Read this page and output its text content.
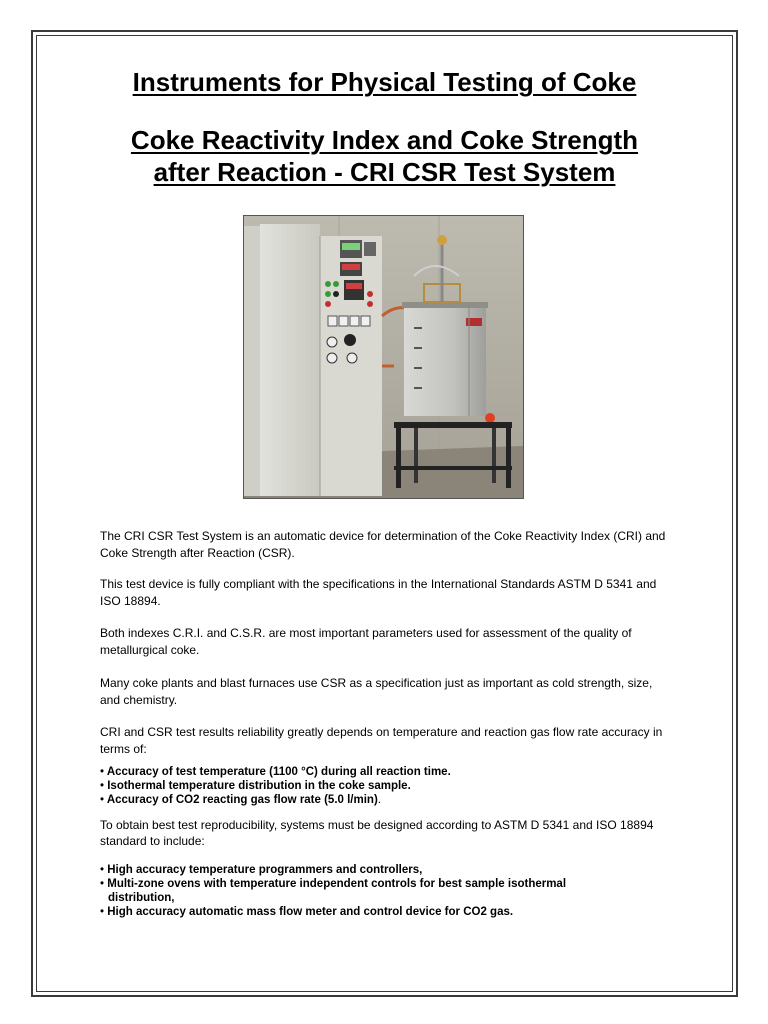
Instruments for Physical Testing of Coke
Coke Reactivity Index and Coke Strength
after Reaction - CRI CSR Test System

The CRI CSR Test System is an automatic device for determination of the Coke Reactivity Index (CRI) and Coke Strength after Reaction (CSR).

This test device is fully compliant with the specifications in the International Standards ASTM D 5341 and ISO 18894.

Both indexes C.R.I. and C.S.R. are most important parameters used for assessment of the quality of metallurgical coke.

Many coke plants and blast furnaces use CSR as a specification just as important as cold strength, size, and chemistry.

CRI and CSR test results reliability greatly depends on temperature and reaction gas flow rate accuracy in terms of:

• Accuracy of test temperature (1100 °C) during all reaction time.
• Isothermal temperature distribution in the coke sample.
• Accuracy of CO2 reacting gas flow rate (5.0 l/min).

To obtain best test reproducibility, systems must be designed according to ASTM D 5341 and ISO 18894 standard to include:

• High accuracy temperature programmers and controllers,
• Multi-zone ovens with temperature independent controls for best sample isothermal
distribution,
• High accuracy automatic mass flow meter and control device for CO2 gas.
